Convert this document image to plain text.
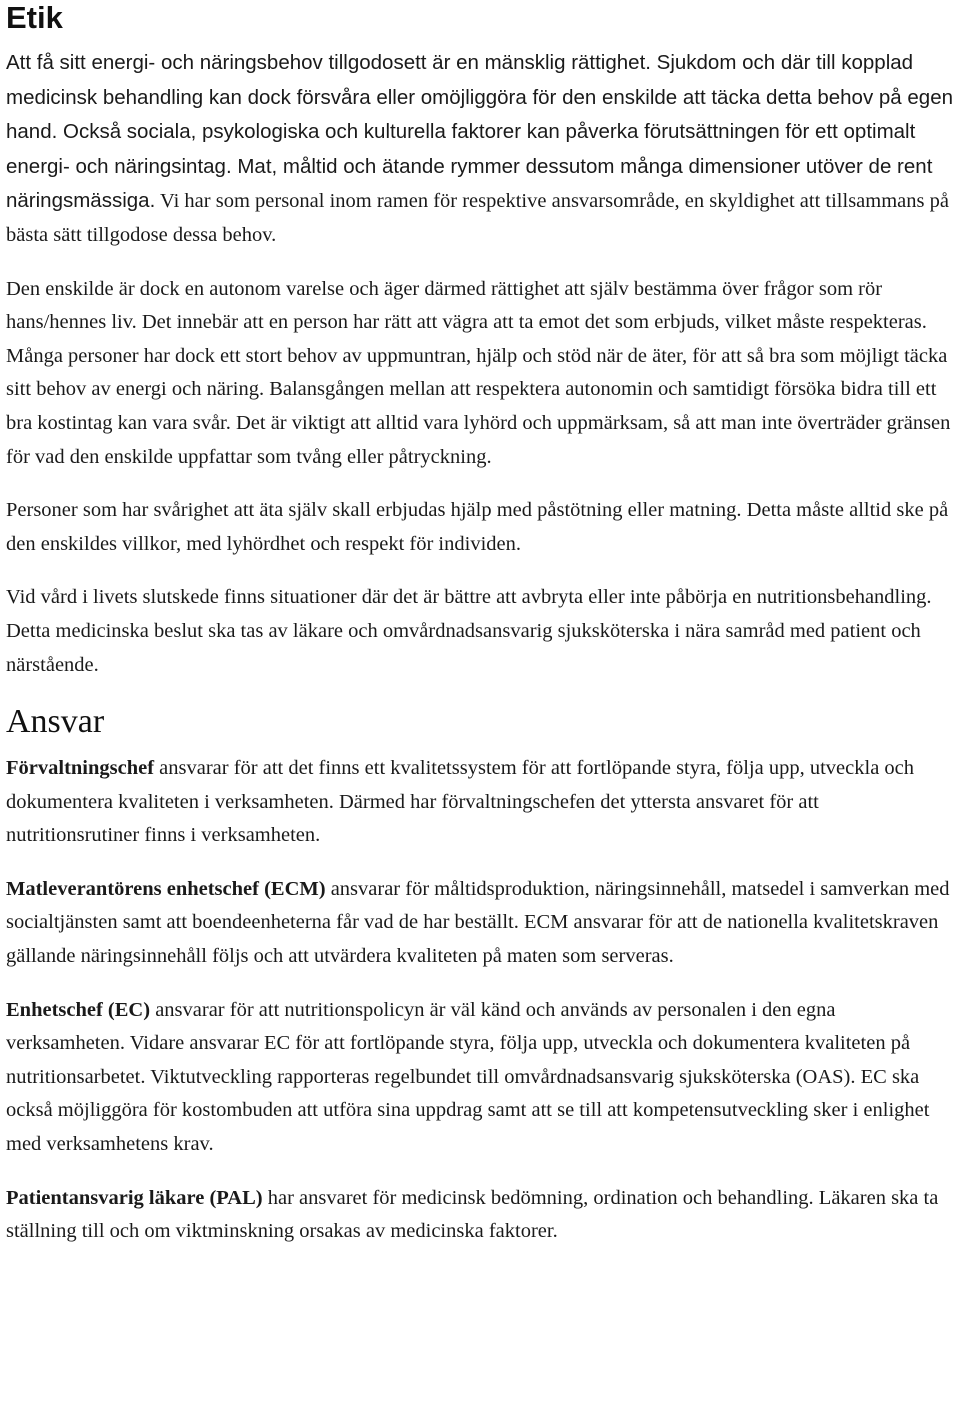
Etik

Att få sitt energi- och näringsbehov tillgodosett är en mänsklig rättighet. Sjukdom och där till kopplad medicinsk behandling kan dock försvåra eller omöjliggöra för den enskilde att täcka detta behov på egen hand. Också sociala, psykologiska och kulturella faktorer kan påverka förutsättningen för ett optimalt energi- och näringsintag. Mat, måltid och ätande rymmer dessutom många dimensioner utöver de rent näringsmässiga. Vi har som personal inom ramen för respektive ansvarsområde, en skyldighet att tillsammans på bästa sätt tillgodose dessa behov.

Den enskilde är dock en autonom varelse och äger därmed rättighet att själv bestämma över frågor som rör hans/hennes liv. Det innebär att en person har rätt att vägra att ta emot det som erbjuds, vilket måste respekteras. Många personer har dock ett stort behov av uppmuntran, hjälp och stöd när de äter, för att så bra som möjligt täcka sitt behov av energi och näring. Balansgången mellan att respektera autonomin och samtidigt försöka bidra till ett bra kostintag kan vara svår. Det är viktigt att alltid vara lyhörd och uppmärksam, så att man inte överträder gränsen för vad den enskilde uppfattar som tvång eller påtryckning.

Personer som har svårighet att äta själv skall erbjudas hjälp med påstötning eller matning. Detta måste alltid ske på den enskildes villkor, med lyhördhet och respekt för individen.

Vid vård i livets slutskede finns situationer där det är bättre att avbryta eller inte påbörja en nutritionsbehandling. Detta medicinska beslut ska tas av läkare och omvårdnadsansvarig sjuksköterska i nära samråd med patient och närstående.

Ansvar

Förvaltningschef ansvarar för att det finns ett kvalitetssystem för att fortlöpande styra, följa upp, utveckla och dokumentera kvaliteten i verksamheten. Därmed har förvaltningschefen det yttersta ansvaret för att nutritionsrutiner finns i verksamheten.

Matleverantörens enhetschef (ECM) ansvarar för måltidsproduktion, näringsinnehåll, matsedel i samverkan med socialtjänsten samt att boendeenheterna får vad de har beställt. ECM ansvarar för att de nationella kvalitetskraven gällande näringsinnehåll följs och att utvärdera kvaliteten på maten som serveras.

Enhetschef (EC) ansvarar för att nutritionspolicyn är väl känd och används av personalen i den egna verksamheten. Vidare ansvarar EC för att fortlöpande styra, följa upp, utveckla och dokumentera kvaliteten på nutritionsarbetet. Viktutveckling rapporteras regelbundet till omvårdnadsansvarig sjuksköterska (OAS). EC ska också möjliggöra för kostombuden att utföra sina uppdrag samt att se till att kompetensutveckling sker i enlighet med verksamhetens krav.

Patientansvarig läkare (PAL) har ansvaret för medicinsk bedömning, ordination och behandling. Läkaren ska ta ställning till och om viktminskning orsakas av medicinska faktorer.
